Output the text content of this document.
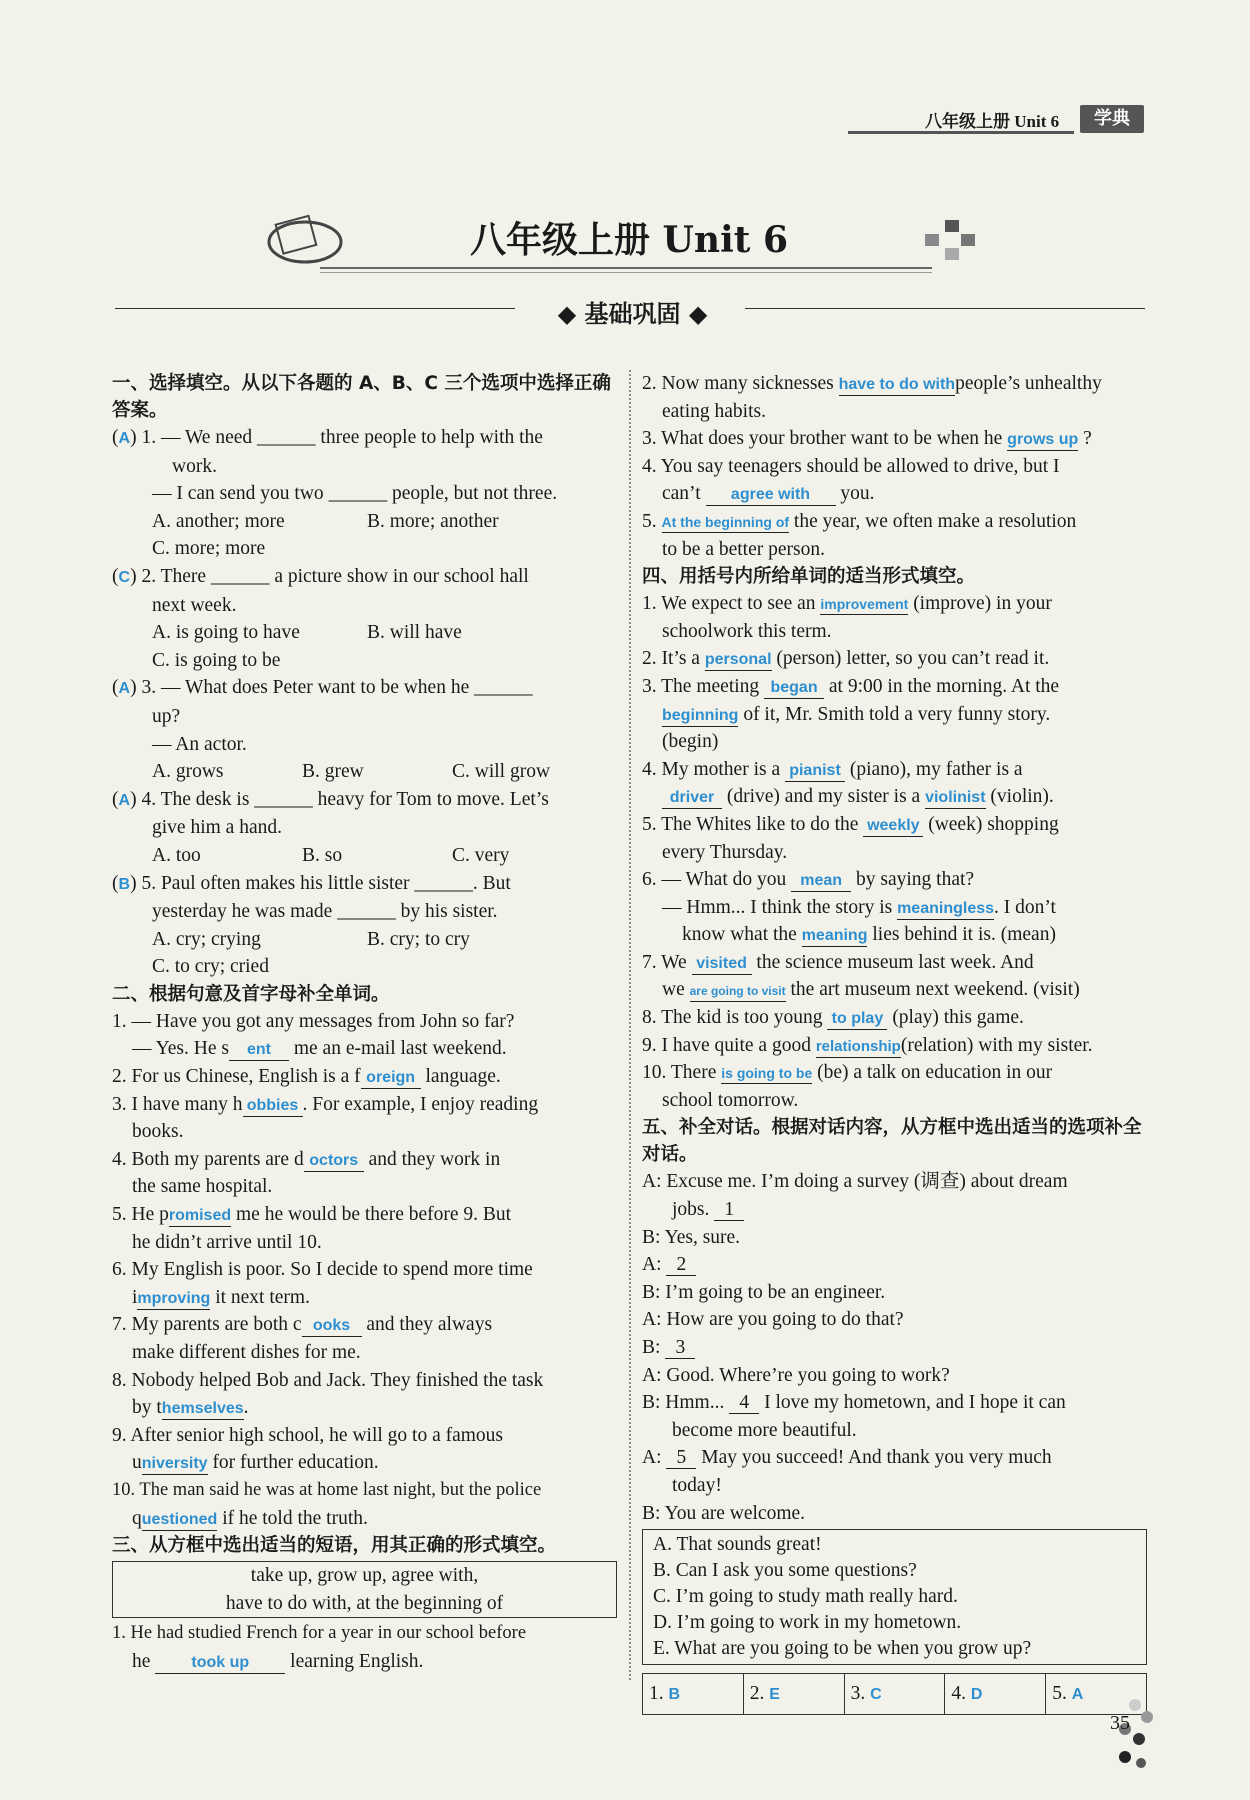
八年级上册 Unit 6	学典
八年级上册 Unit 6
◆ 基础巩固 ◆
一、选择填空。从以下各题的 A、B、C 三个选项中选择正确答案。
(A) 1. — We need ______ three people to help with the
work.
— I can send you two ______ people, but not three.
A. another; more	B. more; another
C. more; more
(C) 2. There ______ a picture show in our school hall
next week.
A. is going to have	B. will have
C. is going to be
(A) 3. — What does Peter want to be when he ______
up?
— An actor.
A. grows	B. grew	C. will grow
(A) 4. The desk is ______ heavy for Tom to move. Let’s
give him a hand.
A. too	B. so	C. very
(B) 5. Paul often makes his little sister ______. But
yesterday he was made ______ by his sister.
A. cry; crying	B. cry; to cry
C. to cry; cried
二、根据句意及首字母补全单词。
1. — Have you got any messages from John so far?
— Yes. He s ent me an e-mail last weekend.
2. For us Chinese, English is a f oreign language.
3. I have many h obbies . For example, I enjoy reading
books.
4. Both my parents are d octors and they work in
the same hospital.
5. He promised me he would be there before 9. But
he didn’t arrive until 10.
6. My English is poor. So I decide to spend more time
improving it next term.
7. My parents are both c ooks and they always
make different dishes for me.
8. Nobody helped Bob and Jack. They finished the task
by themselves.
9. After senior high school, he will go to a famous
university for further education.
10. The man said he was at home last night, but the police
questioned if he told the truth.
三、从方框中选出适当的短语，用其正确的形式填空。
take up, grow up, agree with,
have to do with, at the beginning of
1. He had studied French for a year in our school before
he	took up learning English.
2. Now many sicknesses have to do withpeople’s unhealthy
eating habits.
3. What does your brother want to be when he grows up ?
4. You say teenagers should be allowed to drive, but I
can’t agree with you.
5. At the beginning of the year, we often make a resolution
to be a better person.
四、用括号内所给单词的适当形式填空。
1. We expect to see an improvement (improve) in your
schoolwork this term.
2. It’s a personal (person) letter, so you can’t read it.
3. The meeting began at 9:00 in the morning. At the
beginning of it, Mr. Smith told a very funny story.
(begin)
4. My mother is a pianist (piano), my father is a
driver (drive) and my sister is a violinist (violin).
5. The Whites like to do the weekly (week) shopping
every Thursday.
6. — What do you mean by saying that?
— Hmm... I think the story is meaningless. I don’t
know what the meaning lies behind it is. (mean)
7. We visited the science museum last week. And
we are going to visit the art museum next weekend. (visit)
8. The kid is too young to play (play) this game.
9. I have quite a good relationship(relation) with my sister.
10. There is going to be (be) a talk on education in our
school tomorrow.
五、补全对话。根据对话内容，从方框中选出适当的选项补全对话。
A: Excuse me. I’m doing a survey (调查) about dream
jobs. 1
B: Yes, sure.
A: 2
B: I’m going to be an engineer.
A: How are you going to do that?
B: 3
A: Good. Where’re you going to work?
B: Hmm... 4 I love my hometown, and I hope it can
become more beautiful.
A: 5 May you succeed! And thank you very much
today!
B: You are welcome.
A. That sounds great!
B. Can I ask you some questions?
C. I’m going to study math really hard.
D. I’m going to work in my hometown.
E. What are you going to be when you grow up?
1. B	2. E	3. C	4. D	5. A
35
